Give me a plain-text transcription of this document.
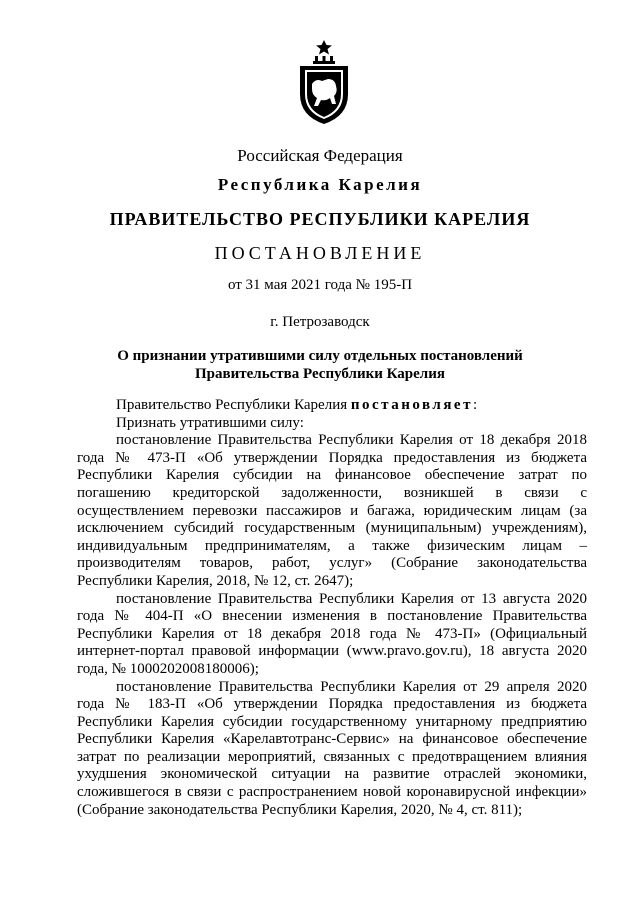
Российская Федерация
Республика Карелия
ПРАВИТЕЛЬСТВО РЕСПУБЛИКИ КАРЕЛИЯ
ПОСТАНОВЛЕНИЕ
от 31 мая 2021 года № 195-П
г. Петрозаводск
О признании утратившими силу отдельных постановлений
Правительства Республики Карелия

Правительство Республики Карелия постановляет:

Признать утратившими силу:

постановление Правительства Республики Карелия от 18 декабря 2018 года № 473-П «Об утверждении Порядка предоставления из бюджета Республики Карелия субсидии на финансовое обеспечение затрат по погашению кредиторской задолженности, возникшей в связи с осуществлением перевозки пассажиров и багажа, юридическим лицам (за исключением субсидий государственным (муниципальным) учреждениям), индивидуальным предпринимателям, а также физическим лицам – производителям товаров, работ, услуг» (Собрание законодательства Республики Карелия, 2018, № 12, ст. 2647);

постановление Правительства Республики Карелия от 13 августа 2020 года № 404-П «О внесении изменения в постановление Правительства Республики Карелия от 18 декабря 2018 года № 473-П» (Официальный интернет-портал правовой информации (www.pravo.gov.ru), 18 августа 2020 года, № 1000202008180006);

постановление Правительства Республики Карелия от 29 апреля 2020 года № 183-П «Об утверждении Порядка предоставления из бюджета Республики Карелия субсидии государственному унитарному предприятию Республики Карелия «Карелавтотранс-Сервис» на финансовое обеспечение затрат по реализации мероприятий, связанных с предотвращением влияния ухудшения экономической ситуации на развитие отраслей экономики, сложившегося в связи с распространением новой коронавирусной инфекции» (Собрание законодательства Республики Карелия, 2020, № 4, ст. 811);
